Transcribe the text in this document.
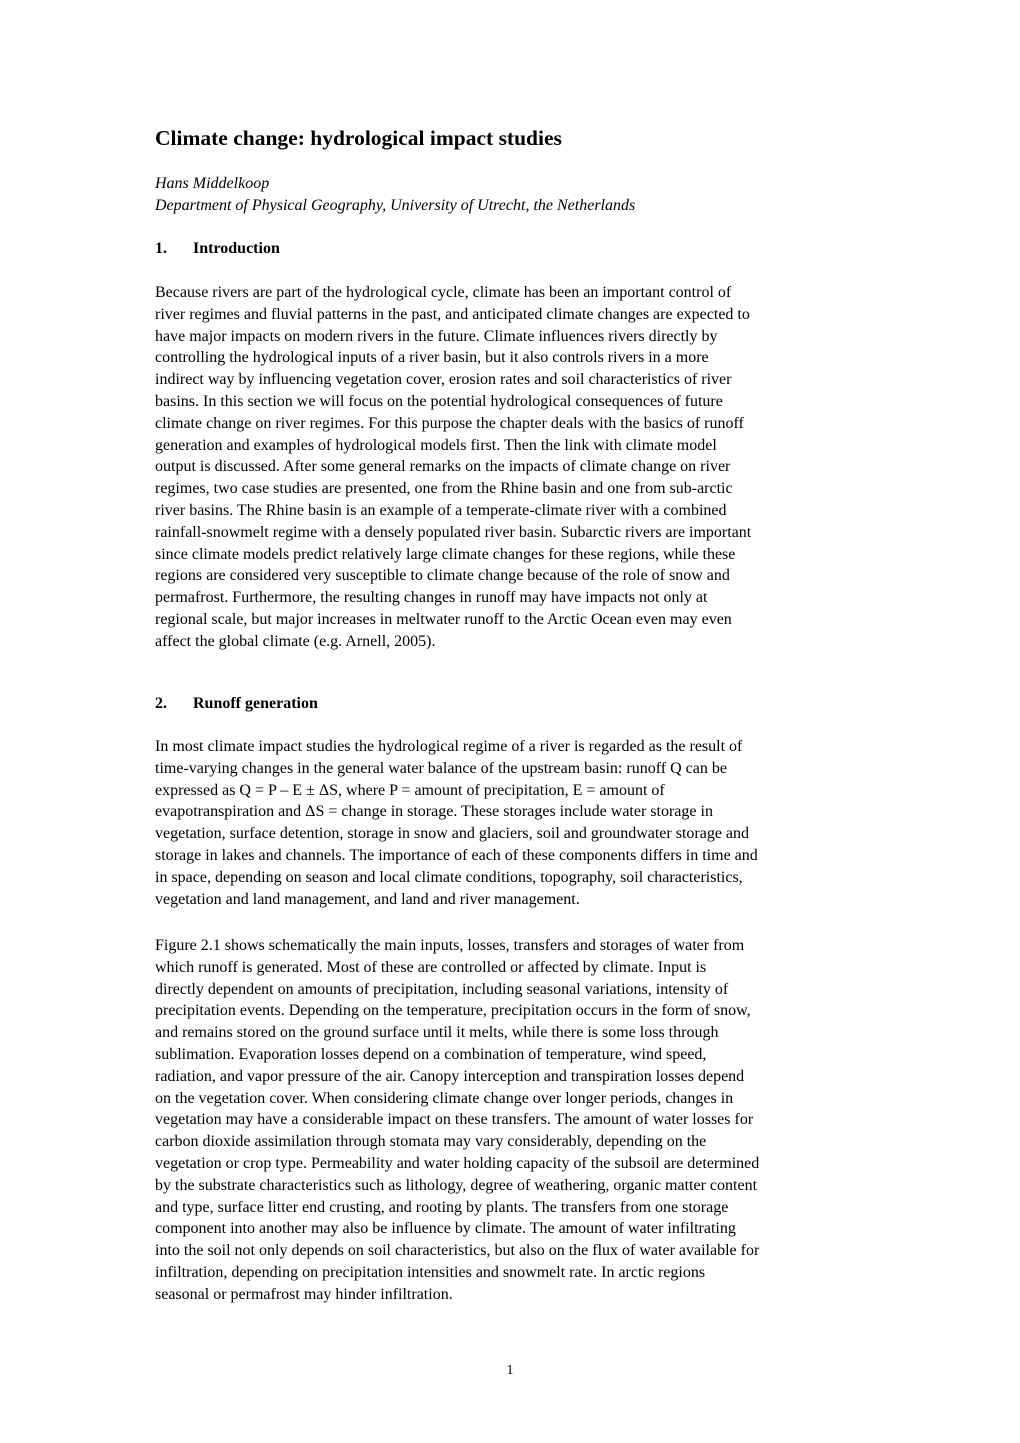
Climate change: hydrological impact studies

Hans Middelkoop

Department of Physical Geography, University of Utrecht, the Netherlands

1. Introduction
Because rivers are part of the hydrological cycle, climate has been an important control of
river regimes and fluvial patterns in the past, and anticipated climate changes are expected to
have major impacts on modern rivers in the future. Climate influences rivers directly by
controlling the hydrological inputs of a river basin, but it also controls rivers in a more
indirect way by influencing vegetation cover, erosion rates and soil characteristics of river
basins. In this section we will focus on the potential hydrological consequences of future
climate change on river regimes. For this purpose the chapter deals with the basics of runoff
generation and examples of hydrological models first. Then the link with climate model
output is discussed. After some general remarks on the impacts of climate change on river
regimes, two case studies are presented, one from the Rhine basin and one from sub-arctic
river basins. The Rhine basin is an example of a temperate-climate river with a combined
rainfall-snowmelt regime with a densely populated river basin. Subarctic rivers are important
since climate models predict relatively large climate changes for these regions, while these
regions are considered very susceptible to climate change because of the role of snow and
permafrost. Furthermore, the resulting changes in runoff may have impacts not only at
regional scale, but major increases in meltwater runoff to the Arctic Ocean even may even
affect the global climate (e.g. Arnell, 2005).
2. Runoff generation
In most climate impact studies the hydrological regime of a river is regarded as the result of
time-varying changes in the general water balance of the upstream basin: runoff Q can be
expressed as Q = P – E ± ΔS, where P = amount of precipitation, E = amount of
evapotranspiration and ΔS = change in storage. These storages include water storage in
vegetation, surface detention, storage in snow and glaciers, soil and groundwater storage and
storage in lakes and channels. The importance of each of these components differs in time and
in space, depending on season and local climate conditions, topography, soil characteristics,
vegetation and land management, and land and river management.
Figure 2.1 shows schematically the main inputs, losses, transfers and storages of water from
which runoff is generated. Most of these are controlled or affected by climate. Input is
directly dependent on amounts of precipitation, including seasonal variations, intensity of
precipitation events. Depending on the temperature, precipitation occurs in the form of snow,
and remains stored on the ground surface until it melts, while there is some loss through
sublimation. Evaporation losses depend on a combination of temperature, wind speed,
radiation, and vapor pressure of the air. Canopy interception and transpiration losses depend
on the vegetation cover. When considering climate change over longer periods, changes in
vegetation may have a considerable impact on these transfers. The amount of water losses for
carbon dioxide assimilation through stomata may vary considerably, depending on the
vegetation or crop type. Permeability and water holding capacity of the subsoil are determined
by the substrate characteristics such as lithology, degree of weathering, organic matter content
and type, surface litter end crusting, and rooting by plants. The transfers from one storage
component into another may also be influence by climate. The amount of water infiltrating
into the soil not only depends on soil characteristics, but also on the flux of water available for
infiltration, depending on precipitation intensities and snowmelt rate. In arctic regions
seasonal or permafrost may hinder infiltration.
1
